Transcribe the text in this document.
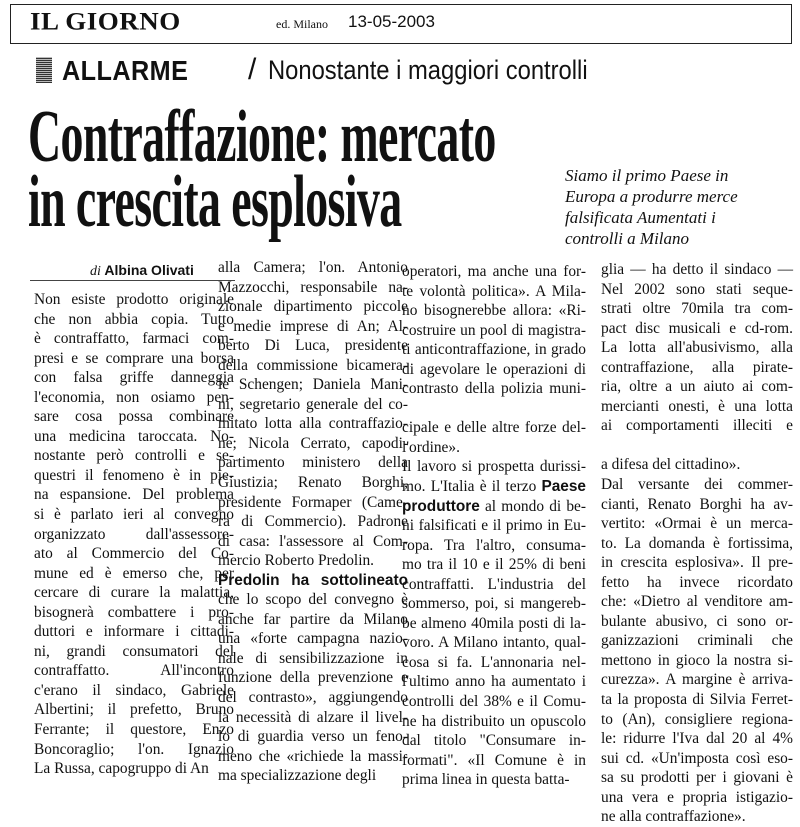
IL GIORNO	ed. Milano 13-05-2003
ALLARME / Nonostante i maggiori controlli
Contraffazione: mercato
in crescita esplosiva	Siamo il primo Paese in
Europa a produrre merce
falsificata Aumentati i
controlli a Milano
di Albina Olivati
Non esiste prodotto originale
che non abbia copia. Tutto
è contraffatto, farmaci com-
presi e se comprare una borsa
con falsa griffe danneggia
l'economia, non osiamo pen-
sare cosa possa combinare
una medicina taroccata. No-
nostante però controlli e se-
questri il fenomeno è in pie-
na espansione. Del problema
si è parlato ieri al convegno
organizzato dall'assessore-
ato al Commercio del Co-
mune ed è emerso che, per
cercare di curare la malattia,
bisognerà combattere i pro-
duttori e informare i cittadi-
ni, grandi consumatori del
contraffatto. All'incontro
c'erano il sindaco, Gabriele
Albertini; il prefetto, Bruno
Ferrante; il questore, Enzo
Boncoraglio; l'on. Ignazio
La Russa, capogruppo di An
alla Camera; l'on. Antonio
Mazzocchi, responsabile na-
zionale dipartimento piccole
e medie imprese di An; Al-
berto Di Luca, presidente
della commissione bicamera-
le Schengen; Daniela Mani-
ni, segretario generale del co-
mitato lotta alla contraffazio-
ne; Nicola Cerrato, capodi-
partimento ministero della
Giustizia; Renato Borghi,
presidente Formaper (Came-
ra di Commercio). Padrone
di casa: l'assessore al Com-
mercio Roberto Predolin.
Predolin ha sottolineato
che lo scopo del convegno è
anche far partire da Milano
una «forte campagna nazio-
nale di sensibilizzazione in
funzione della prevenzione e
del contrasto», aggiungendo
la necessità di alzare il livel-
lo di guardia verso un feno-
meno che «richiede la massi-
ma specializzazione degli
operatori, ma anche una for-
te volontà politica». A Mila-
no bisognerebbe allora: «Ri-
costruire un pool di magistra-
ti anticontraffazione, in grado
di agevolare le operazioni di
contrasto della polizia muni-
cipale e delle altre forze del-
l'ordine».
Il lavoro si prospetta durissi-
mo. L'Italia è il terzo Paese
produttore al mondo di be-
ni falsificati e il primo in Eu-
ropa. Tra l'altro, consuma-
mo tra il 10 e il 25% di beni
contraffatti. L'industria del
sommerso, poi, si mangereb-
be almeno 40mila posti di la-
voro. A Milano intanto, qual-
cosa si fa. L'annonaria nel-
l'ultimo anno ha aumentato i
controlli del 38% e il Comu-
ne ha distribuito un opuscolo
dal titolo "Consumare in-
formati". «Il Comune è in
prima linea in questa batta-
glia — ha detto il sindaco —
Nel 2002 sono stati seque-
strati oltre 70mila tra com-
pact disc musicali e cd-rom.
La lotta all'abusivismo, alla
contraffazione, alla pirate-
ria, oltre a un aiuto ai com-
mercianti onesti, è una lotta
ai comportamenti illeciti e
a difesa del cittadino».
Dal versante dei commer-
cianti, Renato Borghi ha av-
vertito: «Ormai è un merca-
to. La domanda è fortissima,
in crescita esplosiva». Il pre-
fetto ha invece ricordato
che: «Dietro al venditore am-
bulante abusivo, ci sono or-
ganizzazioni criminali che
mettono in gioco la nostra si-
curezza». A margine è arriva-
ta la proposta di Silvia Ferret-
to (An), consigliere regiona-
le: ridurre l'Iva dal 20 al 4%
sui cd. «Un'imposta così eso-
sa su prodotti per i giovani è
una vera e propria istigazio-
ne alla contraffazione».
